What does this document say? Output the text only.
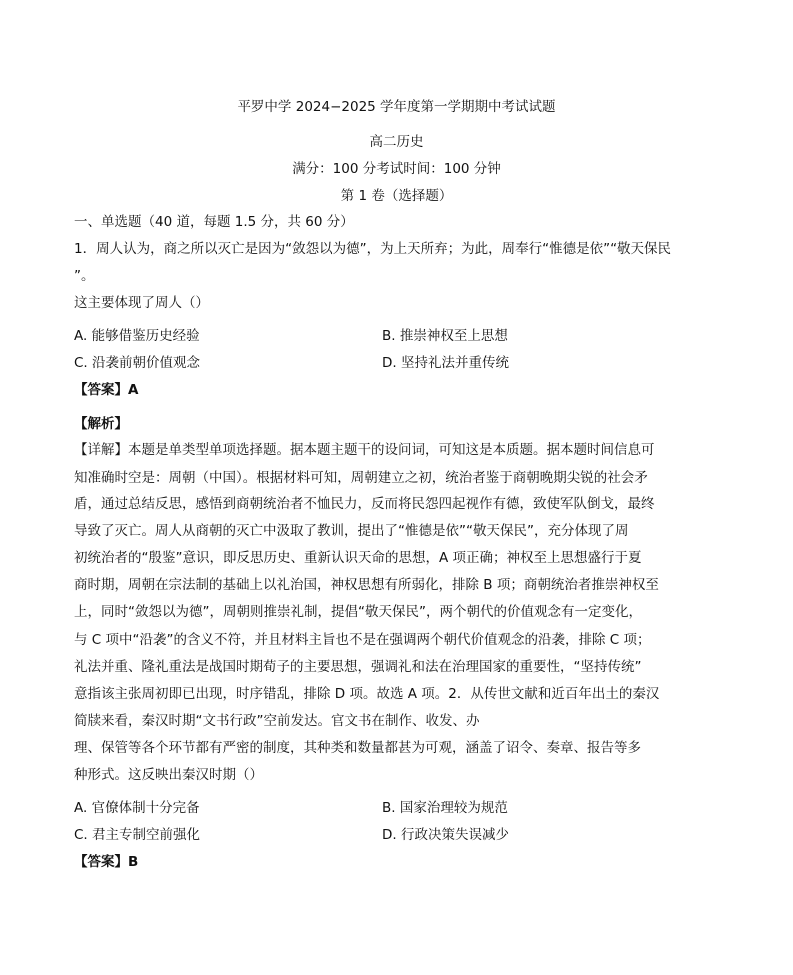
平罗中学 2024−2025 学年度第一学期期中考试试题
高二历史
满分：100 分考试时间：100 分钟
第 1 卷（选择题）
一、单选题（40 道，每题 1.5 分，共 60 分）
1．周人认为，商之所以灭亡是因为“敛怨以为德”，为上天所弃；为此，周奉行“惟德是依”“敬天保民
”。
这主要体现了周人（）
A. 能够借鉴历史经验	B. 推崇神权至上思想
C. 沿袭前朝价值观念	D. 坚持礼法并重传统
【答案】A
【解析】
【详解】本题是单类型单项选择题。据本题主题干的设问词，可知这是本质题。据本题时间信息可
知准确时空是：周朝（中国）。根据材料可知，周朝建立之初，统治者鉴于商朝晚期尖锐的社会矛
盾，通过总结反思，感悟到商朝统治者不恤民力，反而将民怨四起视作有德，致使军队倒戈，最终
导致了灭亡。周人从商朝的灭亡中汲取了教训，提出了“惟德是依”“敬天保民”，充分体现了周
初统治者的“殷鉴”意识，即反思历史、重新认识天命的思想，A 项正确；神权至上思想盛行于夏
商时期，周朝在宗法制的基础上以礼治国，神权思想有所弱化，排除 B 项；商朝统治者推崇神权至
上，同时“敛怨以为德”，周朝则推崇礼制，提倡“敬天保民”，两个朝代的价值观念有一定变化，
与 C 项中“沿袭”的含义不符，并且材料主旨也不是在强调两个朝代价值观念的沿袭，排除 C 项；
礼法并重、隆礼重法是战国时期荀子的主要思想，强调礼和法在治理国家的重要性，“坚持传统”
意指该主张周初即已出现，时序错乱，排除 D 项。故选 A 项。2．从传世文献和近百年出土的秦汉
简牍来看，秦汉时期“文书行政”空前发达。官文书在制作、收发、办
理、保管等各个环节都有严密的制度，其种类和数量都甚为可观，涵盖了诏令、奏章、报告等多
种形式。这反映出秦汉时期（）
A. 官僚体制十分完备	B. 国家治理较为规范
C. 君主专制空前强化	D. 行政决策失误减少
【答案】B
